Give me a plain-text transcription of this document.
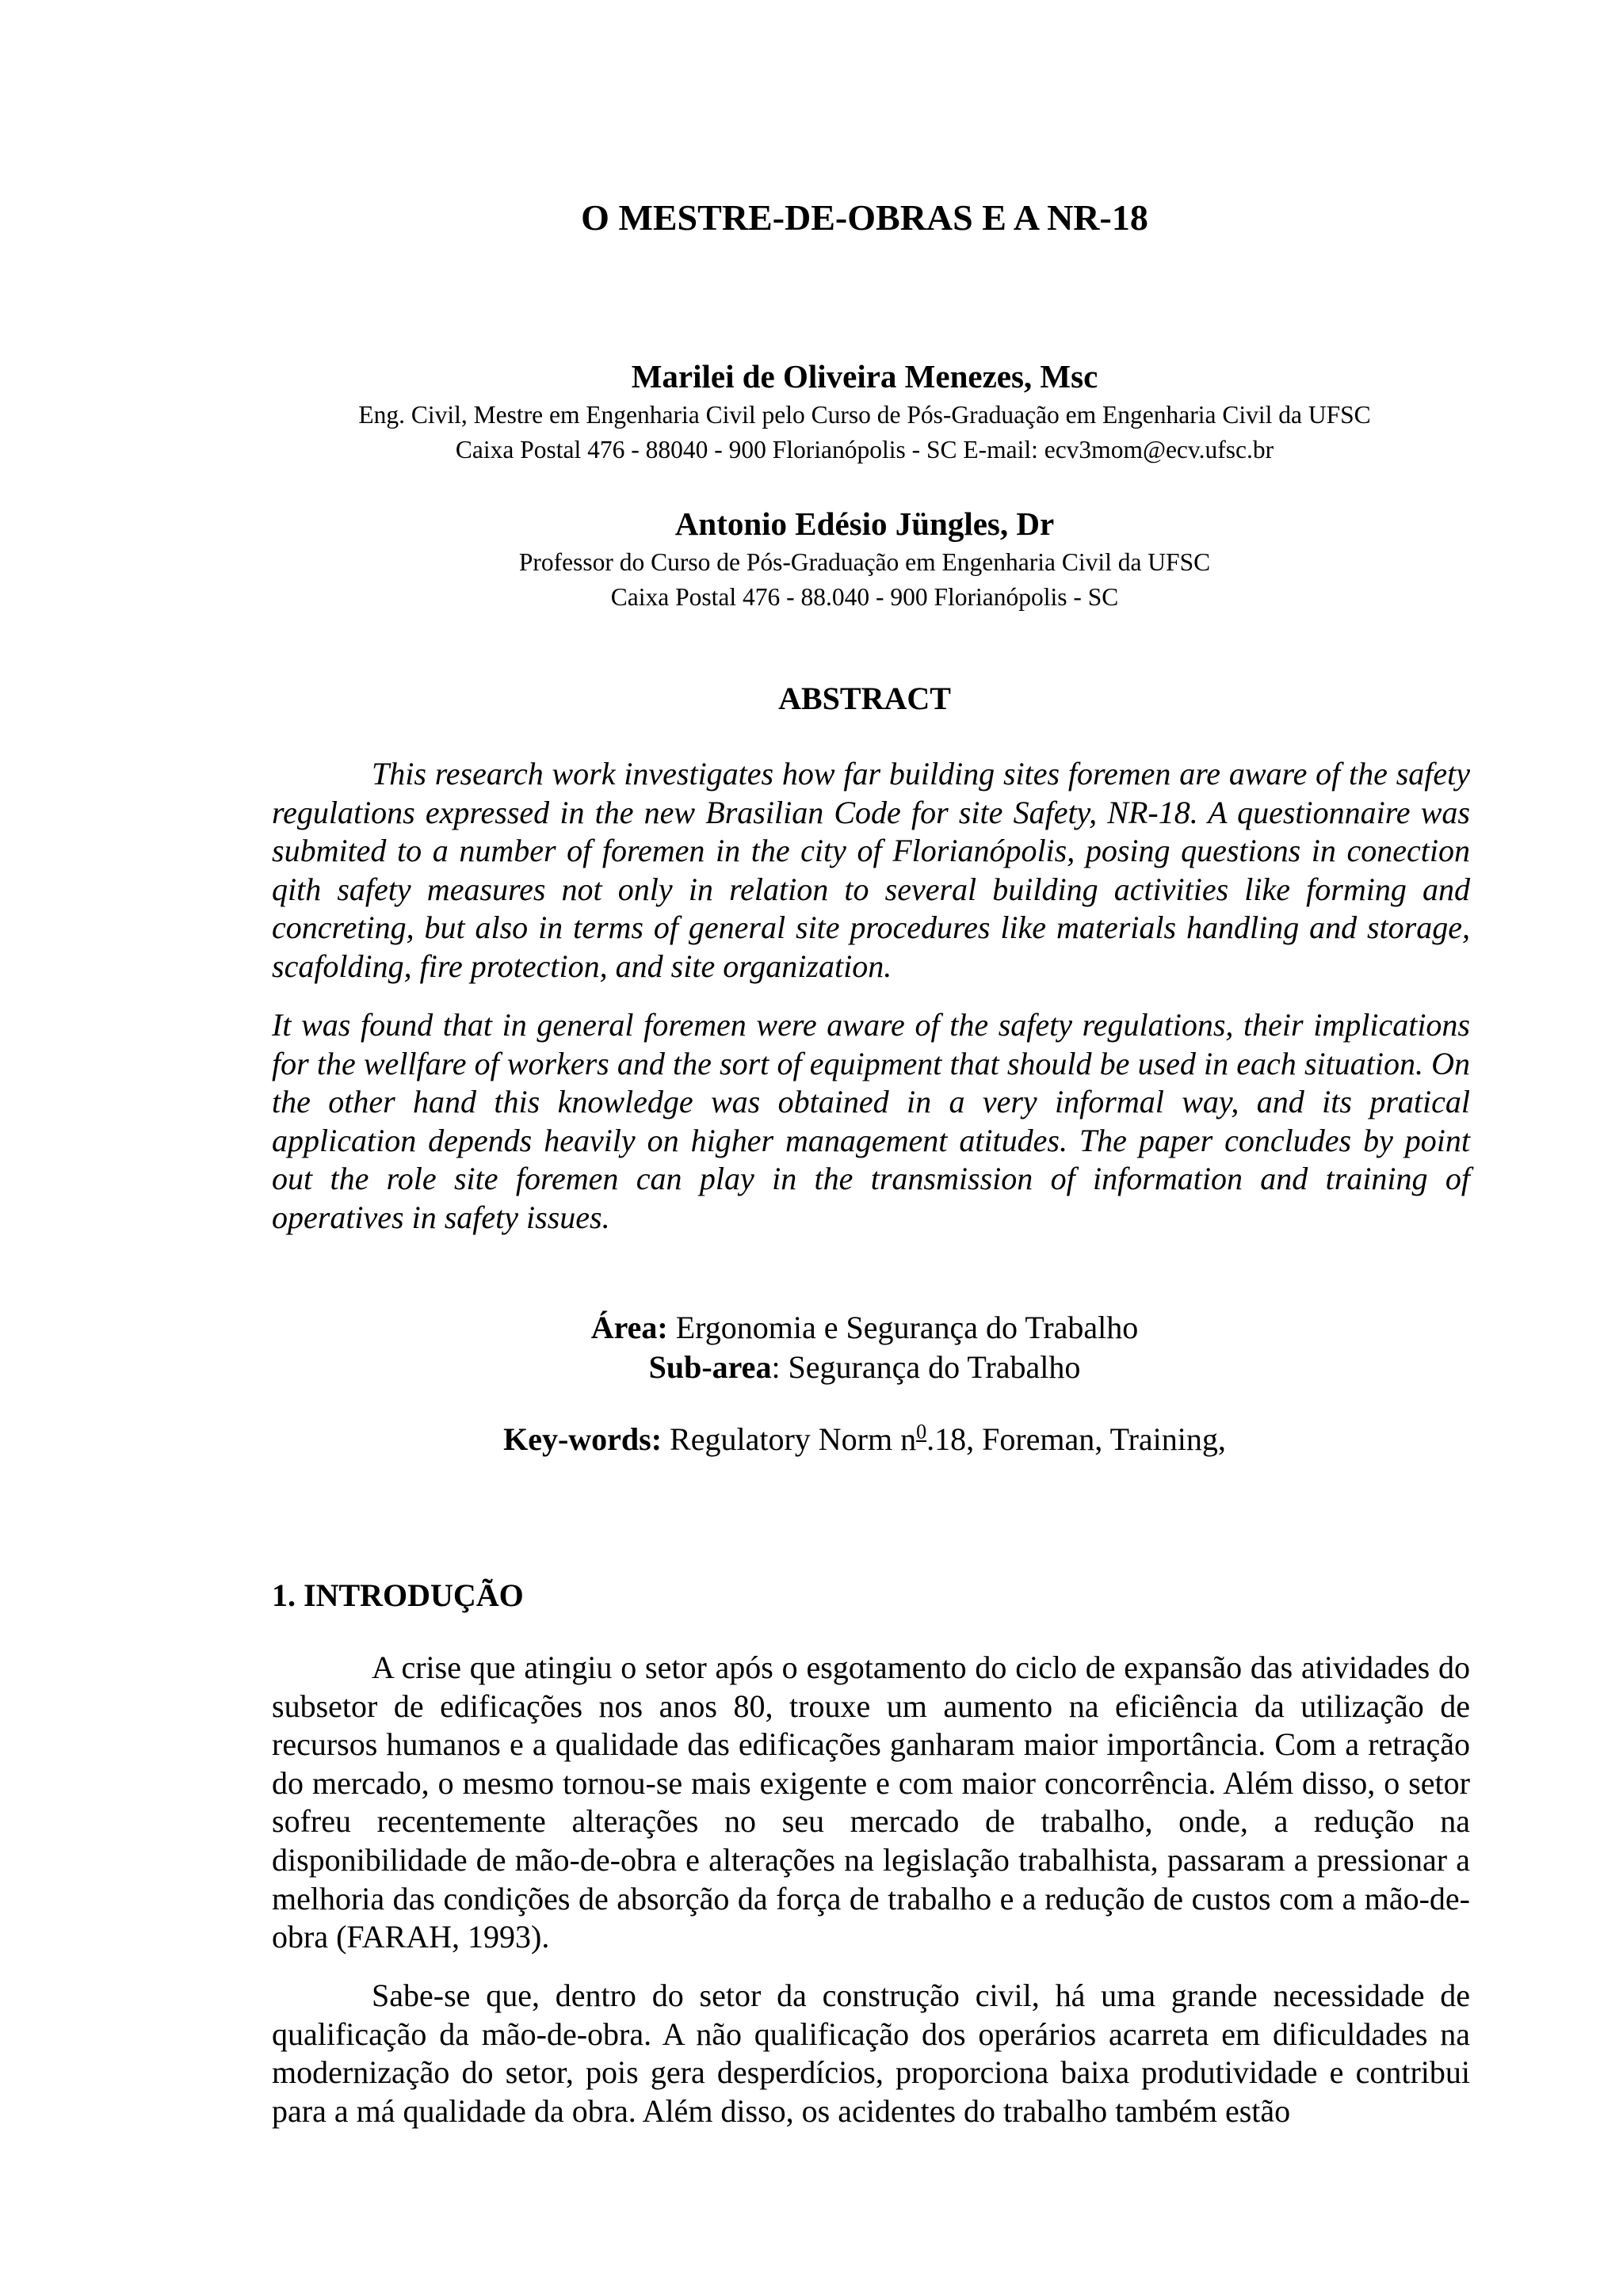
O MESTRE-DE-OBRAS E A NR-18

Marilei de Oliveira Menezes, Msc

Eng. Civil, Mestre em Engenharia Civil pelo Curso de Pós-Graduação em Engenharia Civil da UFSC

Caixa Postal 476 - 88040 - 900 Florianópolis - SC E-mail: ecv3mom@ecv.ufsc.br

Antonio Edésio Jüngles, Dr

Professor do Curso de Pós-Graduação em Engenharia Civil da UFSC

Caixa Postal 476 - 88.040 - 900 Florianópolis - SC

ABSTRACT

This research work investigates how far building sites foremen are aware of the safety regulations expressed in the new Brasilian Code for site Safety, NR-18. A questionnaire was submited to a number of foremen in the city of Florianópolis, posing questions in conection qith safety measures not only in relation to several building activities like forming and concreting, but also in terms of general site procedures like materials handling and storage, scafolding, fire protection, and site organization.

It was found that in general foremen were aware of the safety regulations, their implications for the wellfare of workers and the sort of equipment that should be used in each situation. On the other hand this knowledge was obtained in a very informal way, and its pratical application depends heavily on higher management atitudes. The paper concludes by point out the role site foremen can play in the transmission of information and training of operatives in safety issues.

Área: Ergonomia e Segurança do Trabalho

Sub-area: Segurança do Trabalho

Key-words: Regulatory Norm $n^0.18$, Foreman, Training,

1. INTRODUÇÃO

A crise que atingiu o setor após o esgotamento do ciclo de expansão das atividades do subsetor de edificações nos anos 80, trouxe um aumento na eficiência da utilização de recursos humanos e a qualidade das edificações ganharam maior importância. Com a retração do mercado, o mesmo tornou-se mais exigente e com maior concorrência. Além disso, o setor sofreu recentemente alterações no seu mercado de trabalho, onde, a redução na disponibilidade de mão-de-obra e alterações na legislação trabalhista, passaram a pressionar a melhoria das condições de absorção da força de trabalho e a redução de custos com a mão-de-obra (FARAH, 1993).

Sabe-se que, dentro do setor da construção civil, há uma grande necessidade de qualificação da mão-de-obra. A não qualificação dos operários acarreta em dificuldades na modernização do setor, pois gera desperdícios, proporciona baixa produtividade e contribui para a má qualidade da obra. Além disso, os acidentes do trabalho também estão
